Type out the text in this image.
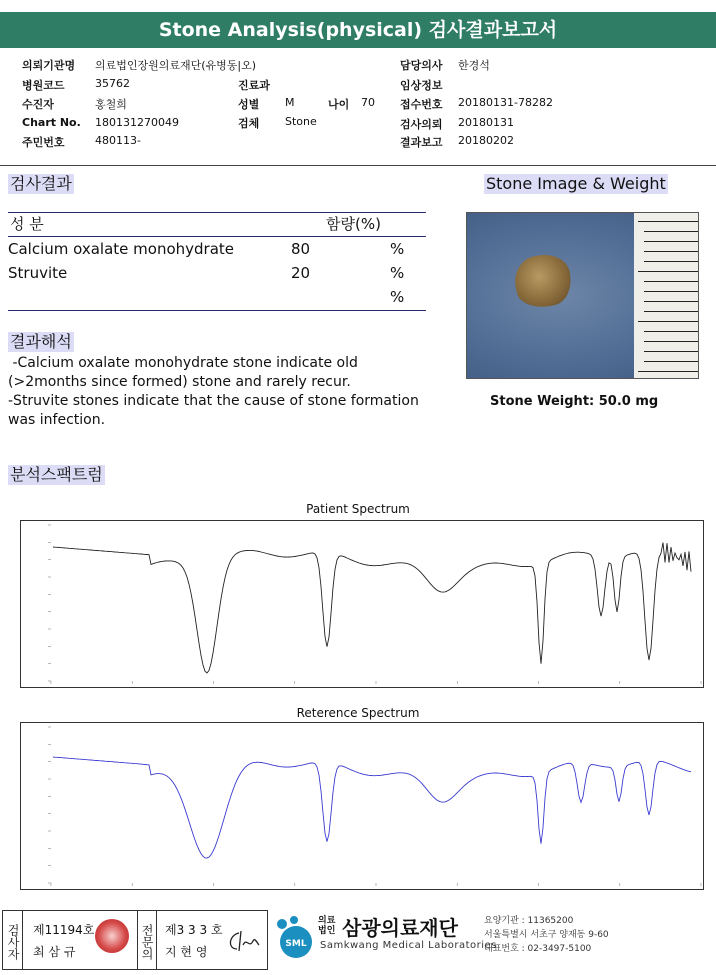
Stone Analysis(physical) 검사결과보고서
의뢰기관명 의료법인장원의료재단(유병동|오)	담당의사 한경석
병원코드	35762	진료과	임상정보
수진자	홍철희	성별 M	나이 70 접수번호 20180131-78282
Chart No. 180131270049	검체 Stone	검사의뢰 20180131
주민번호	480113-	결과보고 20180202
검사결과
성 분	함량(%)
Calcium oxalate monohydrate	80	%
Struvite	20	%
%
결과해석
-Calcium oxalate monohydrate stone indicate old
(>2months since formed) stone and rarely recur.
-Struvite stones indicate that the cause of stone formation
was infection.
Stone Image & Weight
Stone Weight: 50.0 mg
분석스팩트럼
Patient Spectrum
Reterence Spectrum
검사자 제11194호
최 삼 규	전문의 제3 3 3 호
지 현 영
SML
의료
법인 삼광의료재단
Samkwang Medical Laboratories
요양기관 : 11365200
서울특별시 서초구 양재동 9-60
대표번호 : 02-3497-5100
